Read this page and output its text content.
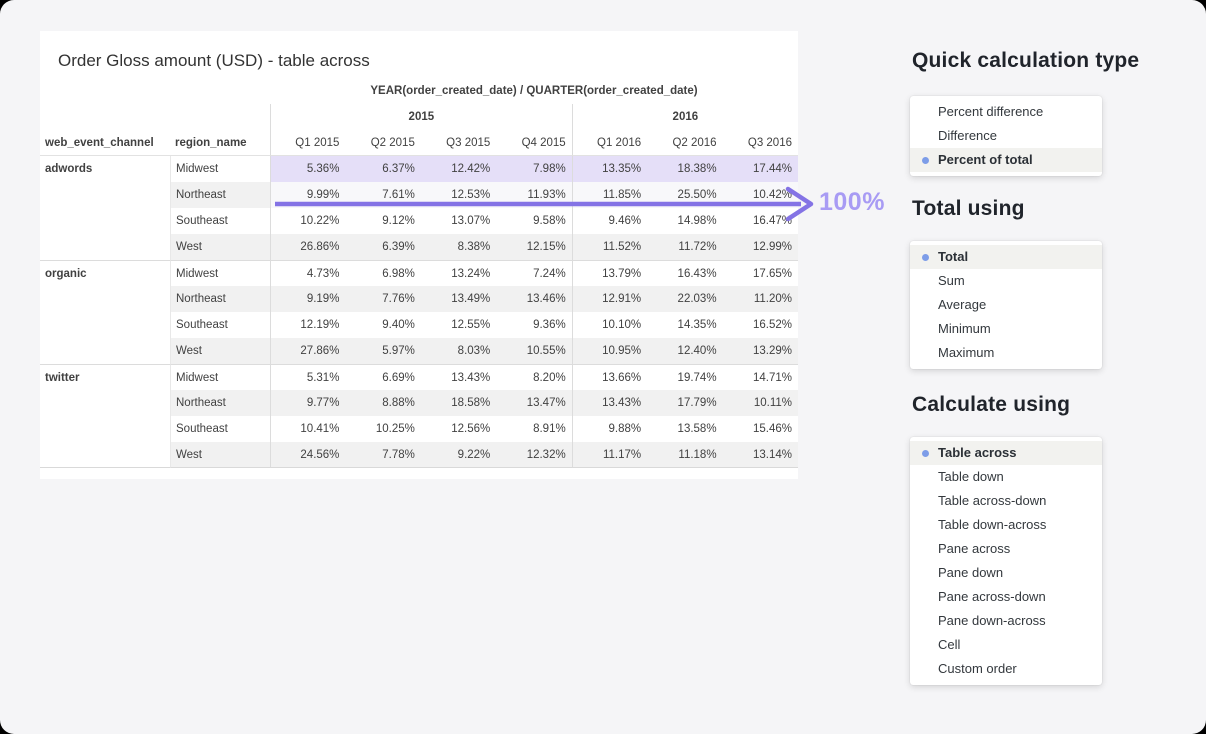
Order Gloss amount (USD) - table across
YEAR(order_created_date) / QUARTER(order_created_date)
2015	2016
web_event_channel	region_name	Q1 2015	Q2 2015	Q3 2015	Q4 2015	Q1 2016	Q2 2016	Q3 2016
adwords	Midwest	5.36%	6.37%	12.42%	7.98%	13.35%	18.38%	17.44%
Northeast	9.99%	7.61%	12.53%	11.93%	11.85%	25.50%	10.42%
Southeast	10.22%	9.12%	13.07%	9.58%	9.46%	14.98%	16.47%
West	26.86%	6.39%	8.38%	12.15%	11.52%	11.72%	12.99%
organic	Midwest	4.73%	6.98%	13.24%	7.24%	13.79%	16.43%	17.65%
Northeast	9.19%	7.76%	13.49%	13.46%	12.91%	22.03%	11.20%
Southeast	12.19%	9.40%	12.55%	9.36%	10.10%	14.35%	16.52%
West	27.86%	5.97%	8.03%	10.55%	10.95%	12.40%	13.29%
twitter	Midwest	5.31%	6.69%	13.43%	8.20%	13.66%	19.74%	14.71%
Northeast	9.77%	8.88%	18.58%	13.47%	13.43%	17.79%	10.11%
Southeast	10.41%	10.25%	12.56%	8.91%	9.88%	13.58%	15.46%
West	24.56%	7.78%	9.22%	12.32%	11.17%	11.18%	13.14%
100%
Quick calculation type
Percent difference
Difference
Percent of total
Total using
Total
Sum
Average
Minimum
Maximum
Calculate using
Table across
Table down
Table across-down
Table down-across
Pane across
Pane down
Pane across-down
Pane down-across
Cell
Custom order
